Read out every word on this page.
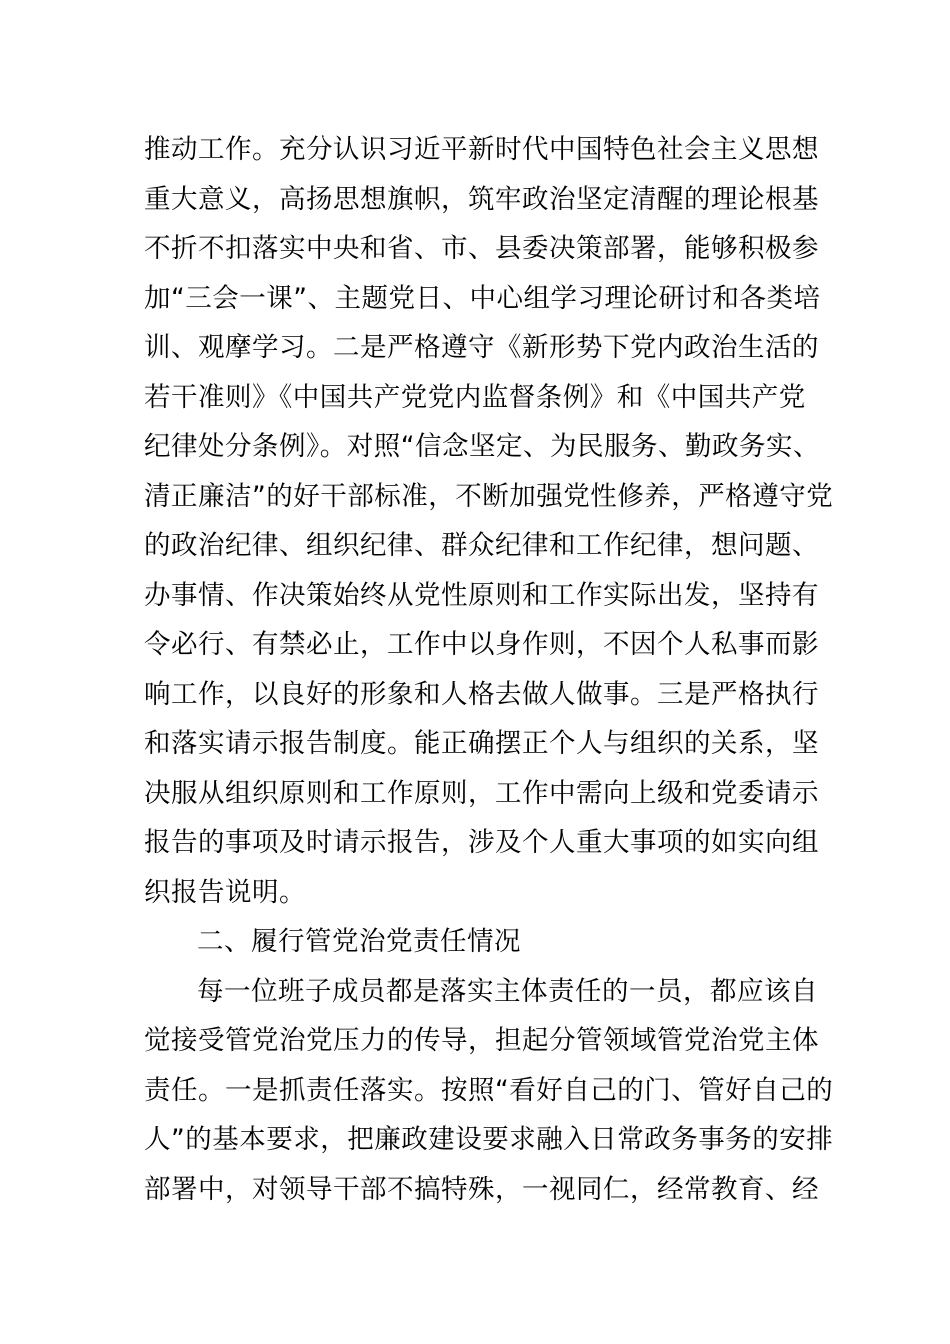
推动工作。充分认识习近平新时代中国特色社会主义思想
重大意义，高扬思想旗帜，筑牢政治坚定清醒的理论根基
不折不扣落实中央和省、市、县委决策部署，能够积极参
加“三会一课”、主题党日、中心组学习理论研讨和各类培
训、观摩学习。二是严格遵守《新形势下党内政治生活的
若干准则》《中国共产党党内监督条例》和《中国共产党
纪律处分条例》。对照“信念坚定、为民服务、勤政务实、
清正廉洁”的好干部标准，不断加强党性修养，严格遵守党
的政治纪律、组织纪律、群众纪律和工作纪律，想问题、
办事情、作决策始终从党性原则和工作实际出发，坚持有
令必行、有禁必止，工作中以身作则，不因个人私事而影
响工作，以良好的形象和人格去做人做事。三是严格执行
和落实请示报告制度。能正确摆正个人与组织的关系，坚
决服从组织原则和工作原则，工作中需向上级和党委请示
报告的事项及时请示报告，涉及个人重大事项的如实向组
织报告说明。
二、履行管党治党责任情况
每一位班子成员都是落实主体责任的一员，都应该自
觉接受管党治党压力的传导，担起分管领域管党治党主体
责任。一是抓责任落实。按照“看好自己的门、管好自己的
人”的基本要求，把廉政建设要求融入日常政务事务的安排
部署中，对领导干部不搞特殊，一视同仁，经常教育、经
